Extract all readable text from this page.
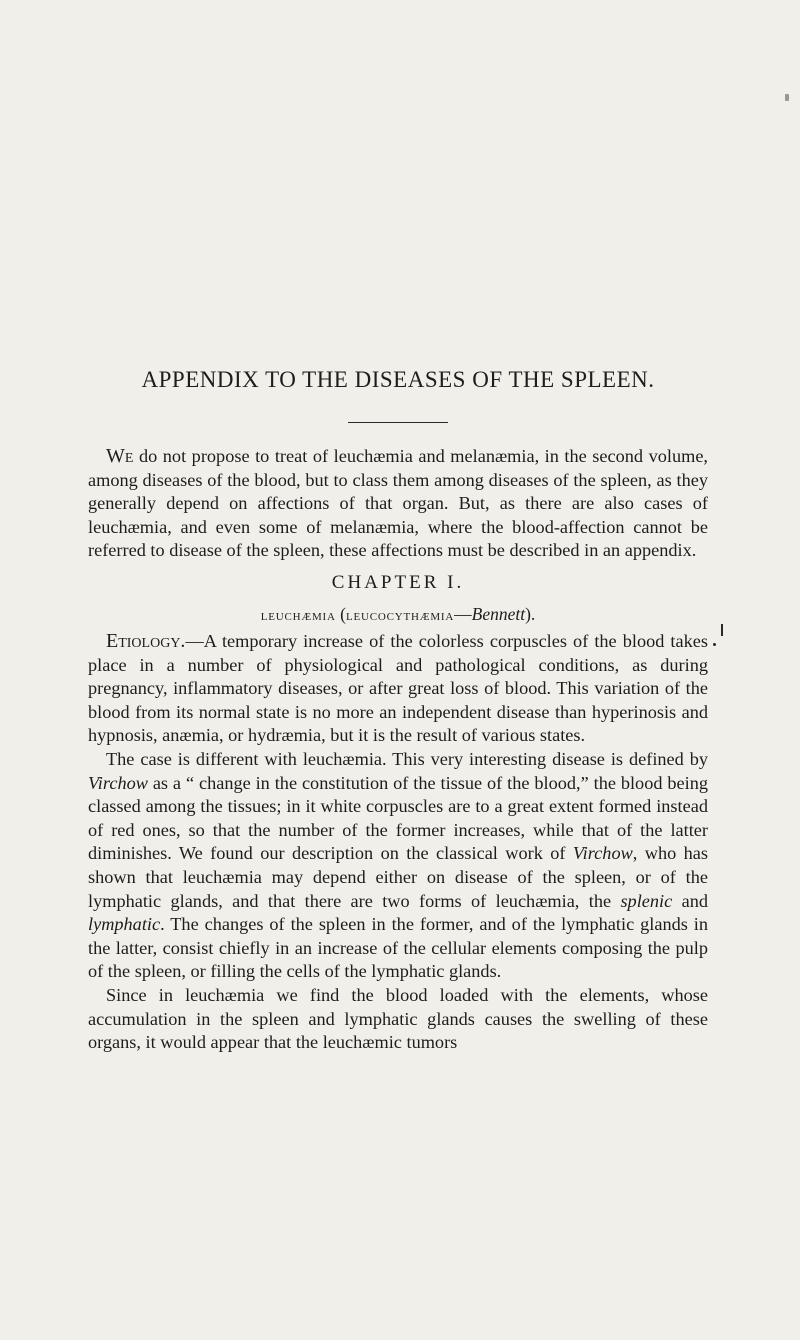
APPENDIX TO THE DISEASES OF THE SPLEEN.

We do not propose to treat of leuchæmia and melanæmia, in the second volume, among diseases of the blood, but to class them among diseases of the spleen, as they generally depend on affections of that organ. But, as there are also cases of leuchæmia, and even some of melanæmia, where the blood-affection cannot be referred to disease of the spleen, these affections must be described in an appendix.

CHAPTER I.
leuchæmia (leucocythæmia—Bennett).

Etiology.—A temporary increase of the colorless corpuscles of the blood takes place in a number of physiological and pathological conditions, as during pregnancy, inflammatory diseases, or after great loss of blood. This variation of the blood from its normal state is no more an independent disease than hyperinosis and hypnosis, anæmia, or hydræmia, but it is the result of various states.

The case is different with leuchæmia. This very interesting disease is defined by Virchow as a “ change in the constitution of the tissue of the blood,” the blood being classed among the tissues; in it white corpuscles are to a great extent formed instead of red ones, so that the number of the former increases, while that of the latter diminishes. We found our description on the classical work of Virchow, who has shown that leuchæmia may depend either on disease of the spleen, or of the lymphatic glands, and that there are two forms of leuchæmia, the splenic and lymphatic. The changes of the spleen in the former, and of the lymphatic glands in the latter, consist chiefly in an increase of the cellular elements composing the pulp of the spleen, or filling the cells of the lymphatic glands.

Since in leuchæmia we find the blood loaded with the elements, whose accumulation in the spleen and lymphatic glands causes the swelling of these organs, it would appear that the leuchæmic tumors
